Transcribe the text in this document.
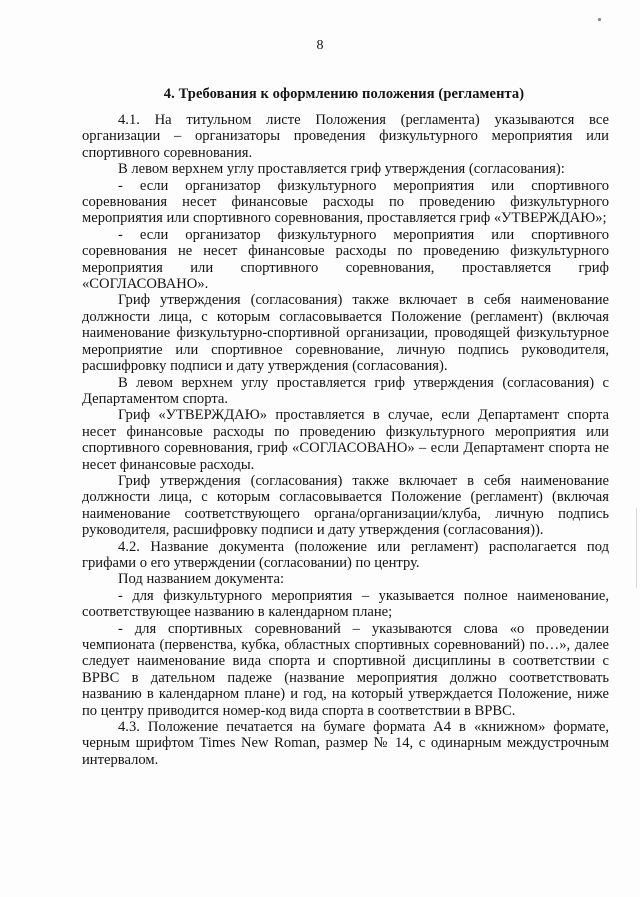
8
4. Требования к оформлению положения (регламента)

4.1. На титульном листе Положения (регламента) указываются все организации – организаторы проведения физкультурного мероприятия или спортивного соревнования.

В левом верхнем углу проставляется гриф утверждения (согласования):

- если организатор физкультурного мероприятия или спортивного соревнования несет финансовые расходы по проведению физкультурного мероприятия или спортивного соревнования, проставляется гриф «УТВЕРЖДАЮ»;

- если организатор физкультурного мероприятия или спортивного соревнования не несет финансовые расходы по проведению физкультурного мероприятия или спортивного соревнования, проставляется гриф «СОГЛАСОВАНО».

Гриф утверждения (согласования) также включает в себя наименование должности лица, с которым согласовывается Положение (регламент) (включая наименование физкультурно-спортивной организации, проводящей физкультурное мероприятие или спортивное соревнование, личную подпись руководителя, расшифровку подписи и дату утверждения (согласования).

В левом верхнем углу проставляется гриф утверждения (согласования) с Департаментом спорта.

Гриф «УТВЕРЖДАЮ» проставляется в случае, если Департамент спорта несет финансовые расходы по проведению физкультурного мероприятия или спортивного соревнования, гриф «СОГЛАСОВАНО» – если Департамент спорта не несет финансовые расходы.

Гриф утверждения (согласования) также включает в себя наименование должности лица, с которым согласовывается Положение (регламент) (включая наименование соответствующего органа/организации/клуба, личную подпись руководителя, расшифровку подписи и дату утверждения (согласования)).

4.2. Название документа (положение или регламент) располагается под грифами о его утверждении (согласовании) по центру.

Под названием документа:

- для физкультурного мероприятия – указывается полное наименование, соответствующее названию в календарном плане;

- для спортивных соревнований – указываются слова «о проведении чемпионата (первенства, кубка, областных спортивных соревнований) по…», далее следует наименование вида спорта и спортивной дисциплины в соответствии с ВРВС в дательном падеже (название мероприятия должно соответствовать названию в календарном плане) и год, на который утверждается Положение, ниже по центру приводится номер-код вида спорта в соответствии в ВРВС.

4.3. Положение печатается на бумаге формата А4 в «книжном» формате, черным шрифтом Times New Roman, размер № 14, с одинарным междустрочным интервалом.
